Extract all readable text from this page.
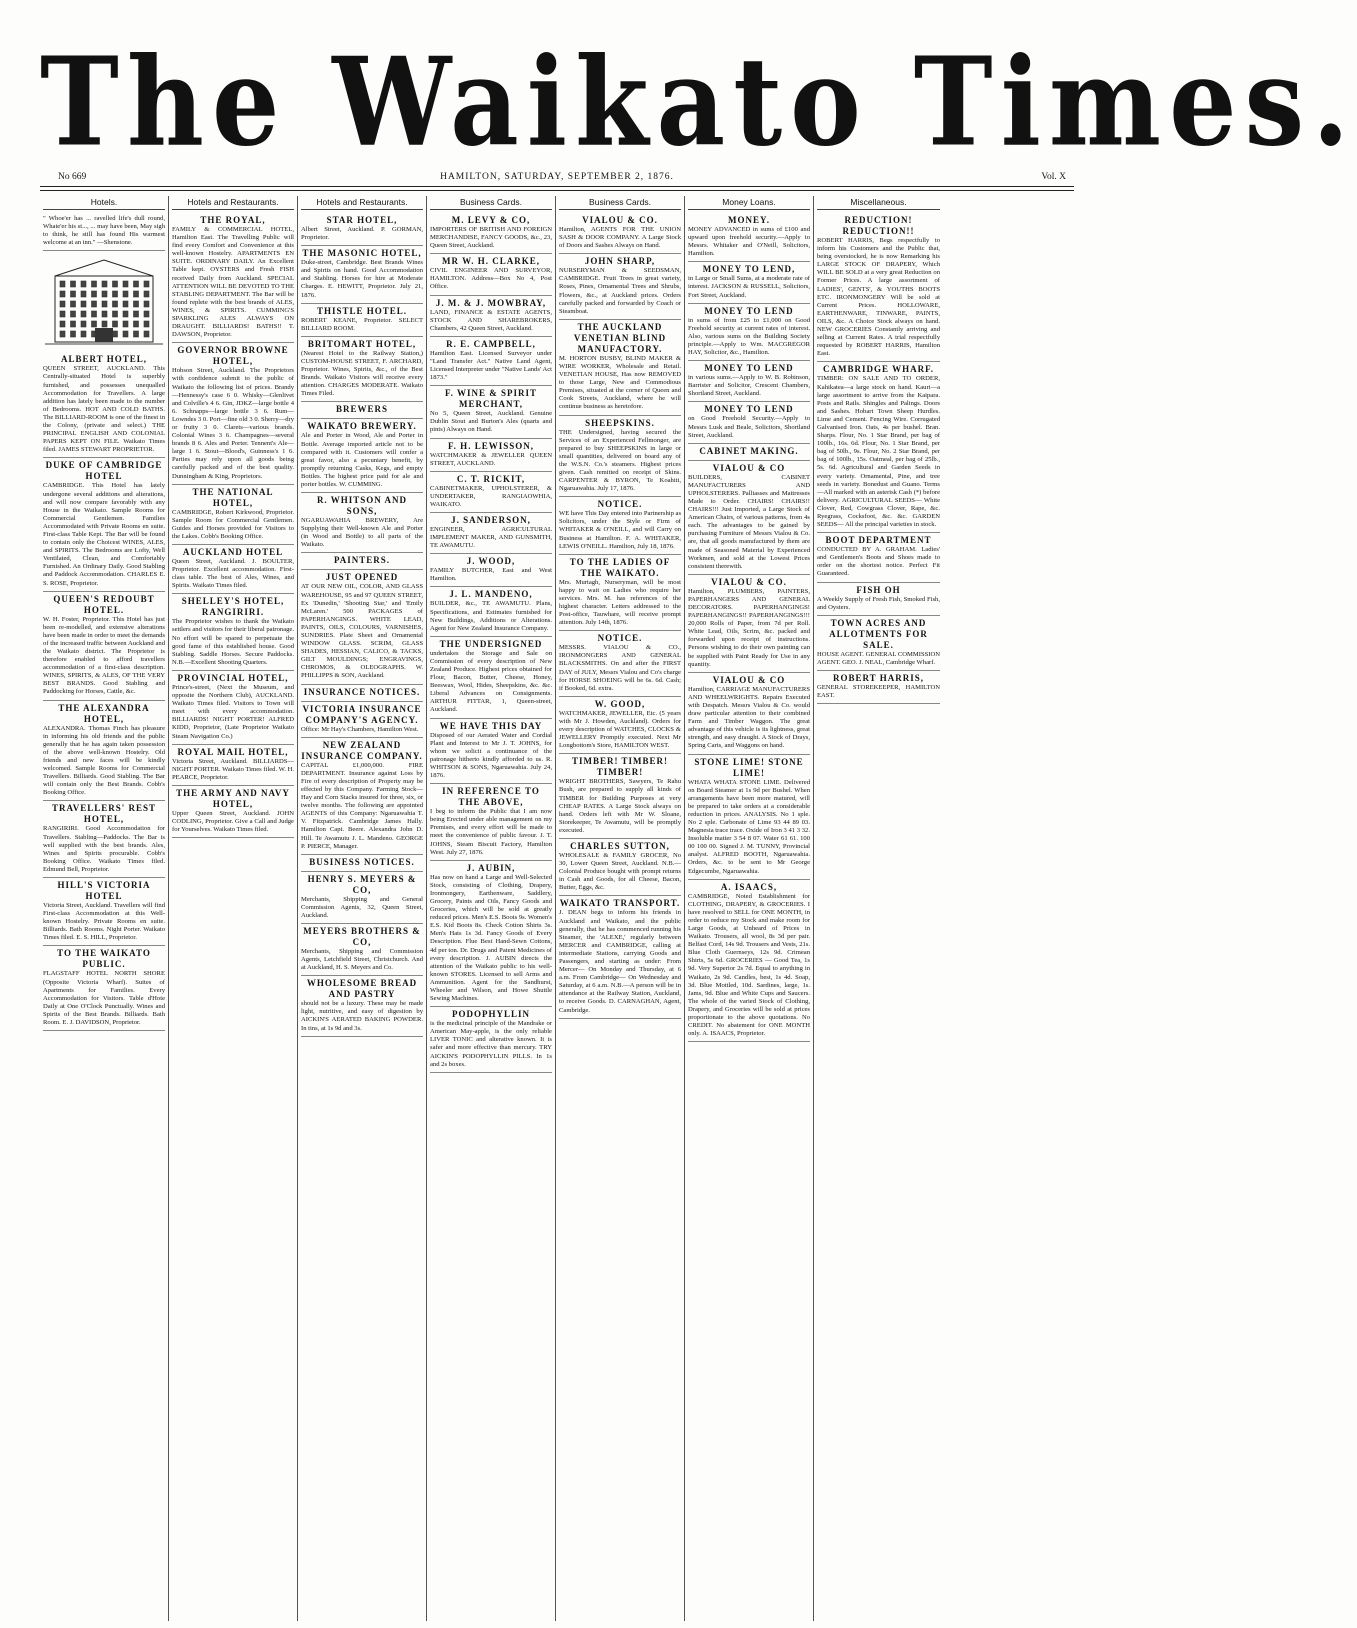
The Waikato Times.
No 669	HAMILTON, SATURDAY, SEPTEMBER 2, 1876.	Vol. X
Hotels.
" Whoe'er has ... ravelled life's dull round, Whate'er his st..., ... may have been, May sigh to think, he still has found His warmest welcome at an inn." —Shenstone.
ALBERT HOTEL,
QUEEN STREET, AUCKLAND. This Centrally-situated Hotel is superbly furnished, and possesses unequalled Accommodation for Travellers. A large addition has lately been made to the number of Bedrooms. HOT AND COLD BATHS. The BILLIARD-ROOM is one of the finest in the Colony, (private and select.) THE PRINCIPAL ENGLISH AND COLONIAL PAPERS KEPT ON FILE. Waikato Times filed. JAMES STEWART PROPRIETOR.
DUKE OF CAMBRIDGE HOTEL
CAMBRIDGE. This Hotel has lately undergone several additions and alterations, and will now compare favorably with any House in the Waikato. Sample Rooms for Commercial Gentlemen. Families Accommodated with Private Rooms en suite. First-class Table Kept. The Bar will be found to contain only the Choicest WINES, ALES, and SPIRITS. The Bedrooms are Lofty, Well Ventilated, Clean, and Comfortably Furnished. An Ordinary Daily. Good Stabling and Paddock Accommodation. CHARLES E. S. ROSE, Proprietor.
QUEEN'S REDOUBT HOTEL.
W. H. Foster, Proprietor. This Hotel has just been re-modelled, and extensive alterations have been made in order to meet the demands of the increased traffic between Auckland and the Waikato district. The Proprietor is therefore enabled to afford travellers accommodation of a first-class description. WINES, SPIRITS, & ALES, OF THE VERY BEST BRANDS. Good Stabling and Paddocking for Horses, Cattle, &c.
THE ALEXANDRA HOTEL,
ALEXANDRA. Thomas Finch has pleasure in informing his old friends and the public generally that he has again taken possession of the above well-known Hostelry. Old friends and new faces will be kindly welcomed. Sample Rooms for Commercial Travellers. Billiards. Good Stabling. The Bar will contain only the Best Brands. Cobb's Booking Office.
TRAVELLERS' REST HOTEL,
RANGIRIRI. Good Accommodation for Travellers. Stabling—Paddocks. The Bar is well supplied with the best brands. Ales, Wines and Spirits procurable. Cobb's Booking Office. Waikato Times filed. Edmund Bell, Proprietor.
HILL'S VICTORIA HOTEL
Victoria Street, Auckland. Travellers will find First-class Accommodation at this Well-known Hostelry. Private Rooms en suite. Billiards. Bath Rooms. Night Porter. Waikato Times filed. E. S. HILL, Proprietor.
TO THE WAIKATO PUBLIC.
FLAGSTAFF HOTEL NORTH SHORE (Opposite Victoria Wharf). Suites of Apartments for Families. Every Accommodation for Visitors. Table d'Hote Daily at One O'Clock Punctually. Wines and Spirits of the Best Brands. Billiards. Bath Room. E. J. DAVIDSON, Proprietor.
Hotels and Restaurants.
THE ROYAL,
FAMILY & COMMERCIAL HOTEL, Hamilton East. The Travelling Public will find every Comfort and Convenience at this well-known Hostelry. APARTMENTS EN SUITE. ORDINARY DAILY. An Excellent Table kept. OYSTERS and Fresh FISH received Daily from Auckland. SPECIAL ATTENTION WILL BE DEVOTED TO THE STABLING DEPARTMENT. The Bar will be found replete with the best brands of ALES, WINES, & SPIRITS. CUMMING'S SPARKLING ALES ALWAYS ON DRAUGHT. BILLIARDS! BATHS!! T. DAWSON, Proprietor.
GOVERNOR BROWNE HOTEL,
Hobson Street, Auckland. The Proprietors with confidence submit to the public of Waikato the following list of prices. Brandy—Hennessy's case 6 0. Whisky—Glenlivet and Colville's 4 6. Gin, JDKZ—large bottle 4 6. Schnapps—large bottle 3 6. Rum—Lowndes 3 0. Port—fine old 3 0. Sherry—dry or fruity 3 0. Clarets—various brands. Colonial Wines 3 6. Champagnes—several brands 8 6. Ales and Porter. Tennent's Ale—large 1 6. Stout—Blood's, Guinness's 1 6. Parties may rely upon all goods being carefully packed and of the best quality. Dunningham & King, Proprietors.
THE NATIONAL HOTEL,
CAMBRIDGE, Robert Kirkwood, Proprietor. Sample Room for Commercial Gentlemen. Guides and Horses provided for Visitors to the Lakes. Cobb's Booking Office.
AUCKLAND HOTEL
Queen Street, Auckland. J. BOULTER, Proprietor. Excellent accommodation. First-class table. The best of Ales, Wines, and Spirits. Waikato Times filed.
SHELLEY'S HOTEL, RANGIRIRI.
The Proprietor wishes to thank the Waikato settlers and visitors for their liberal patronage. No effort will be spared to perpetuate the good fame of this established house. Good Stabling. Saddle Horses. Secure Paddocks. N.B.—Excellent Shooting Quarters.
PROVINCIAL HOTEL,
Prince's-street, (Next the Museum, and opposite the Northern Club), AUCKLAND. Waikato Times filed. Visitors to Town will meet with every accommodation. BILLIARDS! NIGHT PORTER! ALFRED KIDD, Proprietor, (Late Proprietor Waikato Steam Navigation Co.)
ROYAL MAIL HOTEL,
Victoria Street, Auckland. BILLIARDS—NIGHT PORTER. Waikato Times filed. W. H. PEARCE, Proprietor.
THE ARMY AND NAVY HOTEL,
Upper Queen Street, Auckland. JOHN CODLING, Proprietor. Give a Call and Judge for Yourselves. Waikato Times filed.
Hotels and Restaurants.
STAR HOTEL,
Albert Street, Auckland. P. GORMAN, Proprietor.
THE MASONIC HOTEL,
Duke-street, Cambridge. Best Brands Wines and Spirits on hand. Good Accommodation and Stabling. Horses for hire at Moderate Charges. E. HEWITT, Proprietor. July 21, 1876.
THISTLE HOTEL.
ROBERT KEANE, Proprietor. SELECT BILLIARD ROOM.
BRITOMART HOTEL,
(Nearest Hotel to the Railway Station,) CUSTOM-HOUSE STREET, F. ARCHARD, Proprietor. Wines, Spirits, &c., of the Best Brands. Waikato Visitors will receive every attention. CHARGES MODERATE. Waikato Times Filed.
BREWERS
WAIKATO BREWERY.
Ale and Porter in Wood, Ale and Porter in Bottle. Average imported article not to be compared with it. Customers will confer a great favor, also a pecuniary benefit, by promptly returning Casks, Kegs, and empty Bottles. The highest price paid for ale and porter bottles. W. CUMMING.
R. WHITSON AND SONS,
NGARUAWAHIA BREWERY, Are Supplying their Well-known Ale and Porter (in Wood and Bottle) to all parts of the Waikato.
PAINTERS.
JUST OPENED
AT OUR NEW OIL, COLOR, AND GLASS WAREHOUSE, 95 and 97 QUEEN STREET, Ex 'Dunedin,' 'Shooting Star,' and 'Emily McLaren.' 500 PACKAGES of PAPERHANGINGS. WHITE LEAD, PAINTS, OILS, COLOURS, VARNISHES, SUNDRIES. Plate Sheet and Ornamental WINDOW GLASS. SCRIM, GLASS SHADES, HESSIAN, CALICO, & TACKS, GILT MOULDINGS; ENGRAVINGS, CHROMOS, & OLEOGRAPHS. W. PHILLIPPS & SON, Auckland.
INSURANCE NOTICES.
VICTORIA INSURANCE COMPANY'S AGENCY.
Office: Mr Hay's Chambers, Hamilton West.
NEW ZEALAND INSURANCE COMPANY.
CAPITAL £1,000,000. FIRE DEPARTMENT. Insurance against Loss by Fire of every description of Property may be effected by this Company. Farming Stock—Hay and Corn Stacks insured for three, six, or twelve months. The following are appointed AGENTS of this Company: Ngaruawahia T. V. Fitzpatrick. Cambridge James Hally. Hamilton Capt. Beere. Alexandra John D. Hill. Te Awamutu J. L. Mandeno. GEORGE P. PIERCE, Manager.
BUSINESS NOTICES.
HENRY S. MEYERS & CO,
Merchants, Shipping and General Commission Agents, 32, Queen Street, Auckland.
MEYERS BROTHERS & CO,
Merchants, Shipping and Commission Agents, Letchfield Street, Christchurch. And at Auckland, H. S. Meyers and Co.
WHOLESOME BREAD AND PASTRY
should not be a luxury. These may be made light, nutritive, and easy of digestion by AICKIN'S AERATED BAKING POWDER. In tins, at 1s 9d and 3s.
Business Cards.
M. LEVY & CO,
IMPORTERS OF BRITISH AND FOREIGN MERCHANDISE, FANCY GOODS, &c., 23, Queen Street, Auckland.
MR W. H. CLARKE,
CIVIL ENGINEER AND SURVEYOR, HAMILTON. Address—Box No 4, Post Office.
J. M. & J. MOWBRAY,
LAND, FINANCE & ESTATE AGENTS, STOCK AND SHAREBROKERS, Chambers, 42 Queen Street, Auckland.
R. E. CAMPBELL,
Hamilton East. Licensed Surveyor under "Land Transfer Act." Native Land Agent, Licensed Interpreter under "Native Lands' Act 1873."
F. WINE & SPIRIT MERCHANT,
No 5, Queen Street, Auckland. Genuine Dublin Stout and Burton's Ales (quarts and pints) Always on Hand.
F. H. LEWISSON,
WATCHMAKER & JEWELLER QUEEN STREET, AUCKLAND.
C. T. RICKIT,
CABINETMAKER, UPHOLSTERER, & UNDERTAKER, RANGIAOWHIA, WAIKATO.
J. SANDERSON,
ENGINEER, AGRICULTURAL IMPLEMENT MAKER, AND GUNSMITH, TE AWAMUTU.
J. WOOD,
FAMILY BUTCHER, East and West Hamilton.
J. L. MANDENO,
BUILDER, &c., TE AWAMUTU. Plans, Specifications, and Estimates furnished for New Buildings, Additions or Alterations. Agent for New Zealand Insurance Company.
THE UNDERSIGNED
undertakes the Storage and Sale on Commission of every description of New Zealand Produce. Highest prices obtained for Flour, Bacon, Butter, Cheese, Honey, Beeswax, Wool, Hides, Sheepskins, &c. &c. Liberal Advances on Consignments. ARTHUR FITTAR, 1, Queen-street, Auckland.
WE HAVE THIS DAY
Disposed of our Aerated Water and Cordial Plant and Interest to Mr J. T. JOHNS, for whom we solicit a continuance of the patronage hitherto kindly afforded to us. R. WHITSON & SONS, Ngaruawahia. July 24, 1876.
IN REFERENCE TO THE ABOVE,
I beg to inform the Public that I am now being Erected under able management on my Premises, and every effort will be made to meet the convenience of public favour. J. T. JOHNS, Steam Biscuit Factory, Hamilton West. July 27, 1876.
J. AUBIN,
Has now on hand a Large and Well-Selected Stock, consisting of Clothing, Drapery, Ironmongery, Earthenware, Saddlery, Grocery, Paints and Oils, Fancy Goods and Groceries, which will be sold at greatly reduced prices. Men's E.S. Boots 9s. Women's E.S. Kid Boots 8s. Check Cotton Shirts 3s. Men's Hats 1s 3d. Fancy Goods of Every Description. Flue Best Hand-Sewn Cottons, 4d per ton. Dr. Drugs and Patent Medicines of every description. J. AUBIN directs the attention of the Waikato public to his well-known STORES. Licensed to sell Arms and Ammunition. Agent for the Sandhurst, Wheeler and Wilson, and Howe Shuttle Sewing Machines.
PODOPHYLLIN
is the medicinal principle of the Mandrake or American May-apple, is the only reliable LIVER TONIC and alterative known. It is safer and more effective than mercury. TRY AICKIN'S PODOPHYLLIN PILLS. In 1s and 2s boxes.
Business Cards.
VIALOU & CO.
Hamilton, AGENTS FOR THE UNION SASH & DOOR COMPANY. A Large Stock of Doors and Sashes Always on Hand.
JOHN SHARP,
NURSERYMAN & SEEDSMAN, CAMBRIDGE. Fruit Trees in great variety, Roses, Pines, Ornamental Trees and Shrubs, Flowers, &c., at Auckland prices. Orders carefully packed and forwarded by Coach or Steamboat.
THE AUCKLAND VENETIAN BLIND MANUFACTORY.
M. HORTON BUSBY, BLIND MAKER & WIRE WORKER, Wholesale and Retail. VENETIAN HOUSE, Has now REMOVED to those Large, New and Commodious Premises, situated at the corner of Queen and Cook Streets, Auckland, where he will continue business as heretofore.
SHEEPSKINS.
THE Undersigned, having secured the Services of an Experienced Fellmonger, are prepared to buy SHEEPSKINS in large or small quantities, delivered on board any of the W.S.N. Co.'s steamers. Highest prices given. Cash remitted on receipt of Skins. CARPENTER & BYRON, Te Koahiti, Ngaruawahia. July 17, 1876.
NOTICE.
WE have This Day entered into Partnership as Solicitors, under the Style or Firm of WHITAKER & O'NEILL, and will Carry on Business at Hamilton. F. A. WHITAKER, LEWIS O'NEILL. Hamilton, July 18, 1876.
TO THE LADIES OF THE WAIKATO.
Mrs. Murtagh, Nurseryman, will be most happy to wait on Ladies who require her services. Mrs. M. has references of the highest character. Letters addressed to the Post-office, Tauwhare, will receive prompt attention. July 14th, 1876.
NOTICE.
MESSRS. VIALOU & CO., IRONMONGERS AND GENERAL BLACKSMITHS. On and after the FIRST DAY of JULY, Messrs Vialou and Co's charge for HORSE SHOEING will be 6s. 6d. Cash; if Booked, 6d. extra.
W. GOOD,
WATCHMAKER, JEWELLER, Etc. (5 years with Mr J. Howden, Auckland). Orders for every description of WATCHES, CLOCKS & JEWELLERY Promptly executed. Next Mr Longbottom's Store, HAMILTON WEST.
TIMBER! TIMBER! TIMBER!
WRIGHT BROTHERS, Sawyers, Te Rahu Bush, are prepared to supply all kinds of TIMBER for Building Purposes at very CHEAP RATES. A Large Stock always on hand. Orders left with Mr W. Sloane, Storekeeper, Te Awamutu, will be promptly executed.
CHARLES SUTTON,
WHOLESALE & FAMILY GROCER, No 30, Lower Queen Street, Auckland. N.B.—Colonial Produce bought with prompt returns in Cash and Goods, for all Cheese, Bacon, Butter, Eggs, &c.
WAIKATO TRANSPORT.
J. DEAN begs to inform his friends in Auckland and Waikato, and the public generally, that he has commenced running his Steamer, the 'ALEXE,' regularly between MERCER and CAMBRIDGE, calling at intermediate Stations, carrying Goods and Passengers, and starting as under: From Mercer— On Monday and Thursday, at 6 a.m. From Cambridge— On Wednesday and Saturday, at 6 a.m. N.B.—A person will be in attendance at the Railway Station, Auckland, to receive Goods. D. CARNAGHAN, Agent, Cambridge.
Money Loans.
MONEY.
MONEY ADVANCED in sums of £100 and upward upon freehold security.—Apply to Messrs. Whitaker and O'Neill, Solicitors, Hamilton.
MONEY TO LEND,
in Large or Small Sums, at a moderate rate of interest. JACKSON & RUSSELL, Solicitors, Fort Street, Auckland.
MONEY TO LEND
in sums of from £25 to £1,000 on Good Freehold security at current rates of interest. Also, various sums on the Building Society principle.—Apply to Wm. MACGREGOR HAY, Solicitor, &c., Hamilton.
MONEY TO LEND
in various sums.—Apply to W. B. Robinson, Barrister and Solicitor, Crescent Chambers, Shortland Street, Auckland.
MONEY TO LEND
on Good Freehold Security.—Apply to Messrs Lusk and Beale, Solicitors, Shortland Street, Auckland.
CABINET MAKING.
VIALOU & CO
BUILDERS, CABINET MANUFACTURERS AND UPHOLSTERERS. Palliasses and Mattresses Made to Order. CHAIRS! CHAIRS!! CHAIRS!!! Just Imported, a Large Stock of American Chairs, of various patterns, from 4s each. The advantages to be gained by purchasing Furniture of Messrs Vialou & Co. are, that all goods manufactured by them are made of Seasoned Material by Experienced Workmen, and sold at the Lowest Prices consistent therewith.
VIALOU & CO.
Hamilton, PLUMBERS, PAINTERS, PAPERHANGERS AND GENERAL DECORATORS. PAPERHANGINGS! PAPERHANGINGS!! PAPERHANGINGS!!! 20,000 Rolls of Paper, from 7d per Roll. White Lead, Oils, Scrim, &c. packed and forwarded upon receipt of instructions. Persons wishing to do their own painting can be supplied with Paint Ready for Use in any quantity.
VIALOU & CO
Hamilton, CARRIAGE MANUFACTURERS AND WHEELWRIGHTS. Repairs Executed with Despatch. Messrs Vialou & Co. would draw particular attention to their combined Farm and Timber Waggon. The great advantage of this vehicle is its lightness, great strength, and easy draught. A Stock of Drays, Spring Carts, and Waggons on hand.
STONE LIME! STONE LIME!
WHATA WHATA STONE LIME. Delivered on Board Steamer at 1s 9d per Bushel. When arrangements have been more matured, will be prepared to take orders at a considerable reduction in prices. ANALYSIS. No 1 sple. No 2 sple. Carbonate of Lime 93 44 89 03. Magnesia trace trace. Oxide of Iron 3 41 3 32. Insoluble matter 3 54 8 07. Water 61 61. 100 00 100 00. Signed J. M. TUNNY, Provincial analyst. ALFRED BOOTH, Ngaruawahia. Orders, &c. to be sent to Mr George Edgecumbe, Ngaruawahia.
A. ISAACS,
CAMBRIDGE, Noted Establishment for CLOTHING, DRAPERY, & GROCERIES. I have resolved to SELL for ONE MONTH, in order to reduce my Stock and make room for Large Goods, at Unheard of Prices in Waikato. Trousers, all wool, 8s 3d per pair. Belfast Cord, 14s 9d. Trousers and Vests, 21s. Blue Cloth Guernseys, 12s 9d. Crimean Shirts, 5s 6d. GROCERIES — Good Tea, 1s 9d. Very Superior 2s 7d. Equal to anything in Waikato, 2s 9d. Candles, best, 1s 4d. Soap, 3d. Blue Mottled, 10d. Sardines, large, 1s. Jams, 9d. Blue and White Cups and Saucers. The whole of the varied Stock of Clothing, Drapery, and Groceries will be sold at prices proportionate to the above quotations. No CREDIT. No abatement for ONE MONTH only. A. ISAACS, Proprietor.
Miscellaneous.
REDUCTION! REDUCTION!!
ROBERT HARRIS, Begs respectfully to inform his Customers and the Public that, being overstocked, he is now Remarking his LARGE STOCK OF DRAPERY, Which WILL BE SOLD at a very great Reduction on Former Prices. A large assortment of LADIES', GENTS', & YOUTHS BOOTS ETC. IRONMONGERY Will be sold at Current Prices. HOLLOWARE, EARTHENWARE, TINWARE, PAINTS, OILS, &c. A Choice Stock always on hand. NEW GROCERIES Constantly arriving and selling at Current Rates. A trial respectfully requested by ROBERT HARRIS, Hamilton East.
CAMBRIDGE WHARF.
TIMBER: ON SALE AND TO ORDER, Kahikatea—a large stock on hand. Kauri—a large assortment to arrive from the Kaipara. Posts and Rails. Shingles and Palings. Doors and Sashes. Hobart Town Sheep Hurdles. Lime and Cement. Fencing Wire. Corrugated Galvanised Iron. Oats, 4s per bushel. Bran. Sharps. Flour, No. 1 Star Brand, per bag of 100lb., 16s. 6d. Flour, No. 1 Star Brand, per bag of 50lb., 9s. Flour, No. 2 Star Brand, per bag of 100lb., 15s. Oatmeal, per bag of 25lb., 5s. 6d. Agricultural and Garden Seeds in every variety. Ornamental, Pine, and tree seeds in variety. Bonedust and Guano. Terms—All marked with an asterisk Cash (*) before delivery. AGRICULTURAL SEEDS— White Clover, Red, Cowgrass Clover, Rape, &c. Ryegrass, Cocksfoot, &c. &c. GARDEN SEEDS— All the principal varieties in stock.
BOOT DEPARTMENT
CONDUCTED BY A. GRAHAM. Ladies' and Gentlemen's Boots and Shoes made to order on the shortest notice. Perfect Fit Guaranteed.
FISH OH
A Weekly Supply of Fresh Fish, Smoked Fish, and Oysters.
TOWN ACRES AND ALLOTMENTS FOR SALE.
HOUSE AGENT. GENERAL COMMISSION AGENT. GEO. J. NEAL, Cambridge Wharf.
ROBERT HARRIS,
GENERAL STOREKEEPER, HAMILTON EAST.
